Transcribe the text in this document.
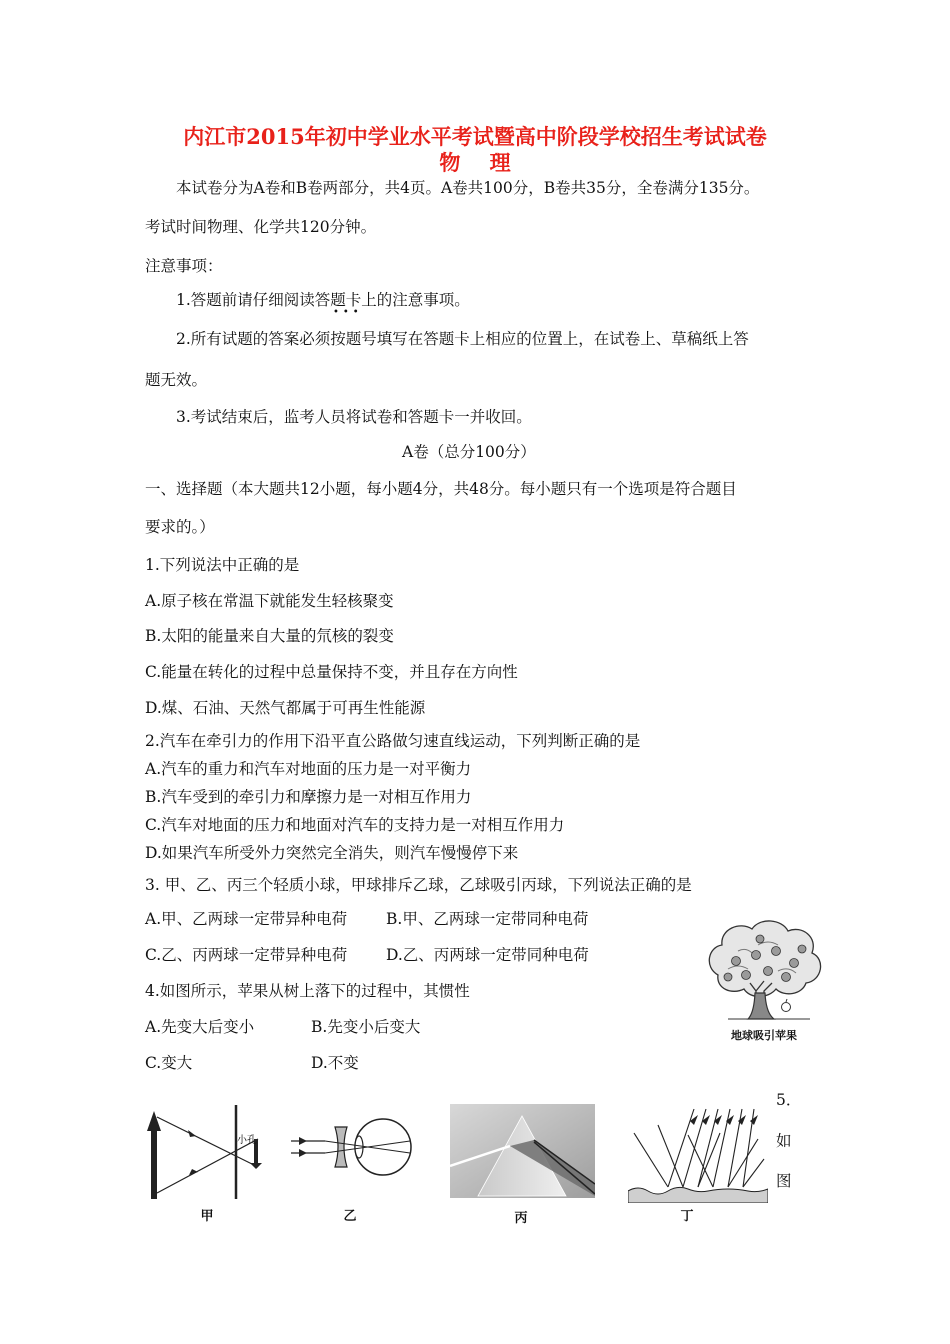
内江市2015年初中学业水平考试暨高中阶段学校招生考试试卷
物    理
本试卷分为A卷和B卷两部分，共4页。A卷共100分，B卷共35分，全卷满分135分。
考试时间物理、化学共120分钟。
注意事项：
1.答题前请仔细阅读答题卡上的注意事项。
•••
2.所有试题的答案必须按题号填写在答题卡上相应的位置上，在试卷上、草稿纸上答
题无效。
3.考试结束后，监考人员将试卷和答题卡一并收回。
A卷（总分100分）
一、选择题（本大题共12小题，每小题4分，共48分。每小题只有一个选项是符合题目
要求的。）
1.下列说法中正确的是
A.原子核在常温下就能发生轻核聚变
B.太阳的能量来自大量的氘核的裂变
C.能量在转化的过程中总量保持不变，并且存在方向性
D.煤、石油、天然气都属于可再生性能源
2.汽车在牵引力的作用下沿平直公路做匀速直线运动，下列判断正确的是
A.汽车的重力和汽车对地面的压力是一对平衡力
B.汽车受到的牵引力和摩擦力是一对相互作用力
C.汽车对地面的压力和地面对汽车的支持力是一对相互作用力
D.如果汽车所受外力突然完全消失，则汽车慢慢停下来
3. 甲、乙、丙三个轻质小球，甲球排斥乙球，乙球吸引丙球，下列说法正确的是
A.甲、乙两球一定带异种电荷	B.甲、乙两球一定带同种电荷
C.乙、丙两球一定带异种电荷	D.乙、丙两球一定带同种电荷
4.如图所示，苹果从树上落下的过程中，其惯性
A.先变大后变小	B.先变小后变大
C.变大	D.不变
地球吸引苹果
5．
如
图
小孔
甲	乙	丙	丁
